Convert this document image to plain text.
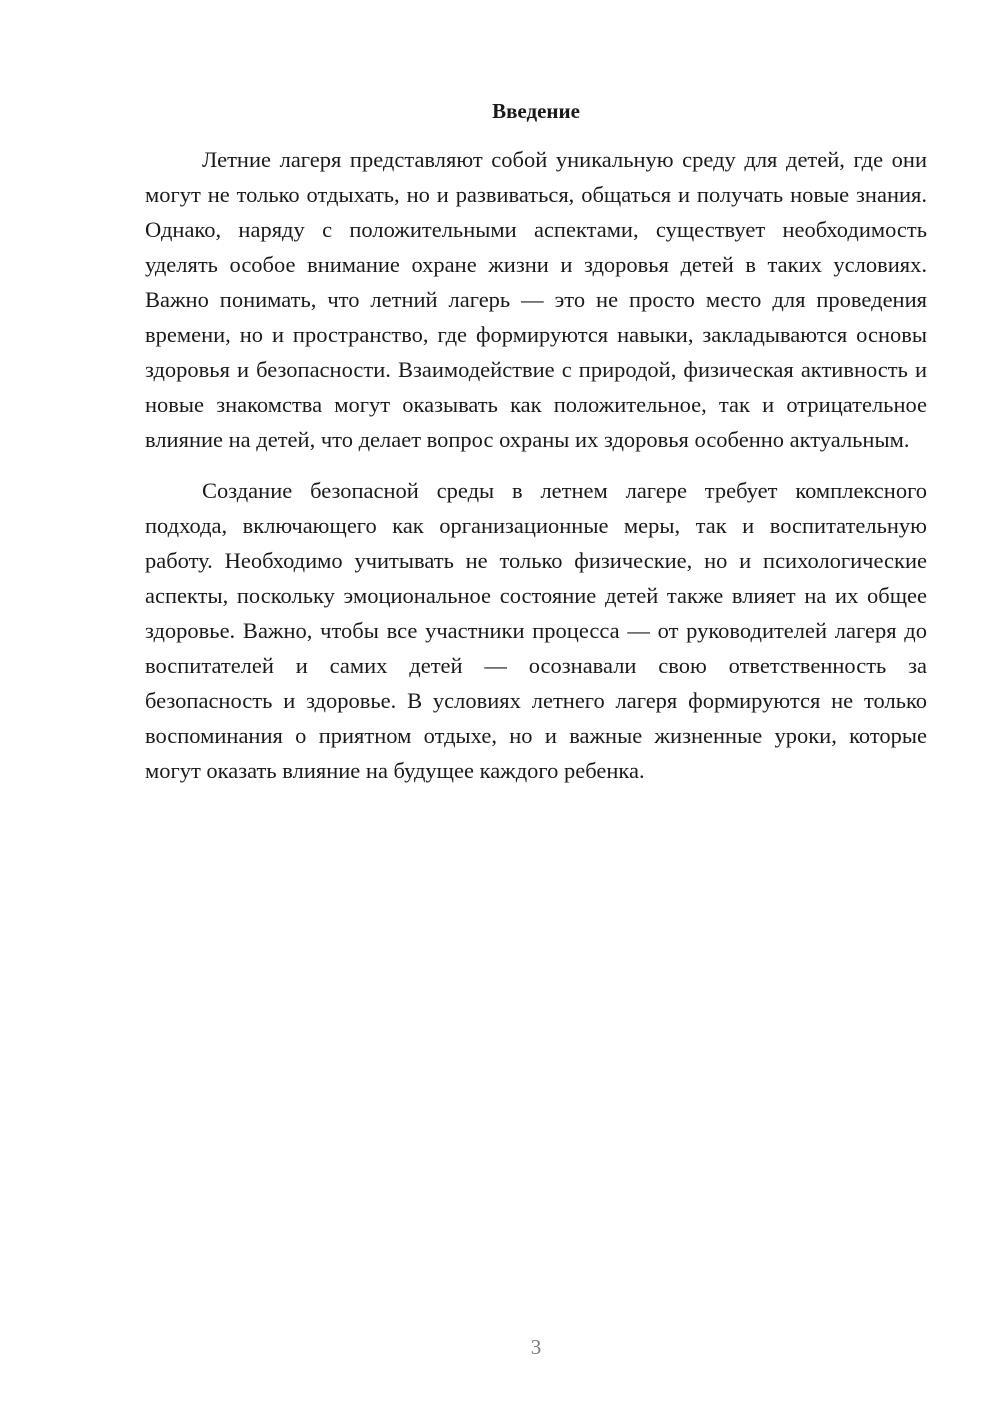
Введение

Летние лагеря представляют собой уникальную среду для детей, где они могут не только отдыхать, но и развиваться, общаться и получать новые знания. Однако, наряду с положительными аспектами, существует необходимость уделять особое внимание охране жизни и здоровья детей в таких условиях. Важно понимать, что летний лагерь — это не просто место для проведения времени, но и пространство, где формируются навыки, закладываются основы здоровья и безопасности. Взаимодействие с природой, физическая активность и новые знакомства могут оказывать как положительное, так и отрицательное влияние на детей, что делает вопрос охраны их здоровья особенно актуальным.

Создание безопасной среды в летнем лагере требует комплексного подхода, включающего как организационные меры, так и воспитательную работу. Необходимо учитывать не только физические, но и психологические аспекты, поскольку эмоциональное состояние детей также влияет на их общее здоровье. Важно, чтобы все участники процесса — от руководителей лагеря до воспитателей и самих детей — осознавали свою ответственность за безопасность и здоровье. В условиях летнего лагеря формируются не только воспоминания о приятном отдыхе, но и важные жизненные уроки, которые могут оказать влияние на будущее каждого ребенка.

3
